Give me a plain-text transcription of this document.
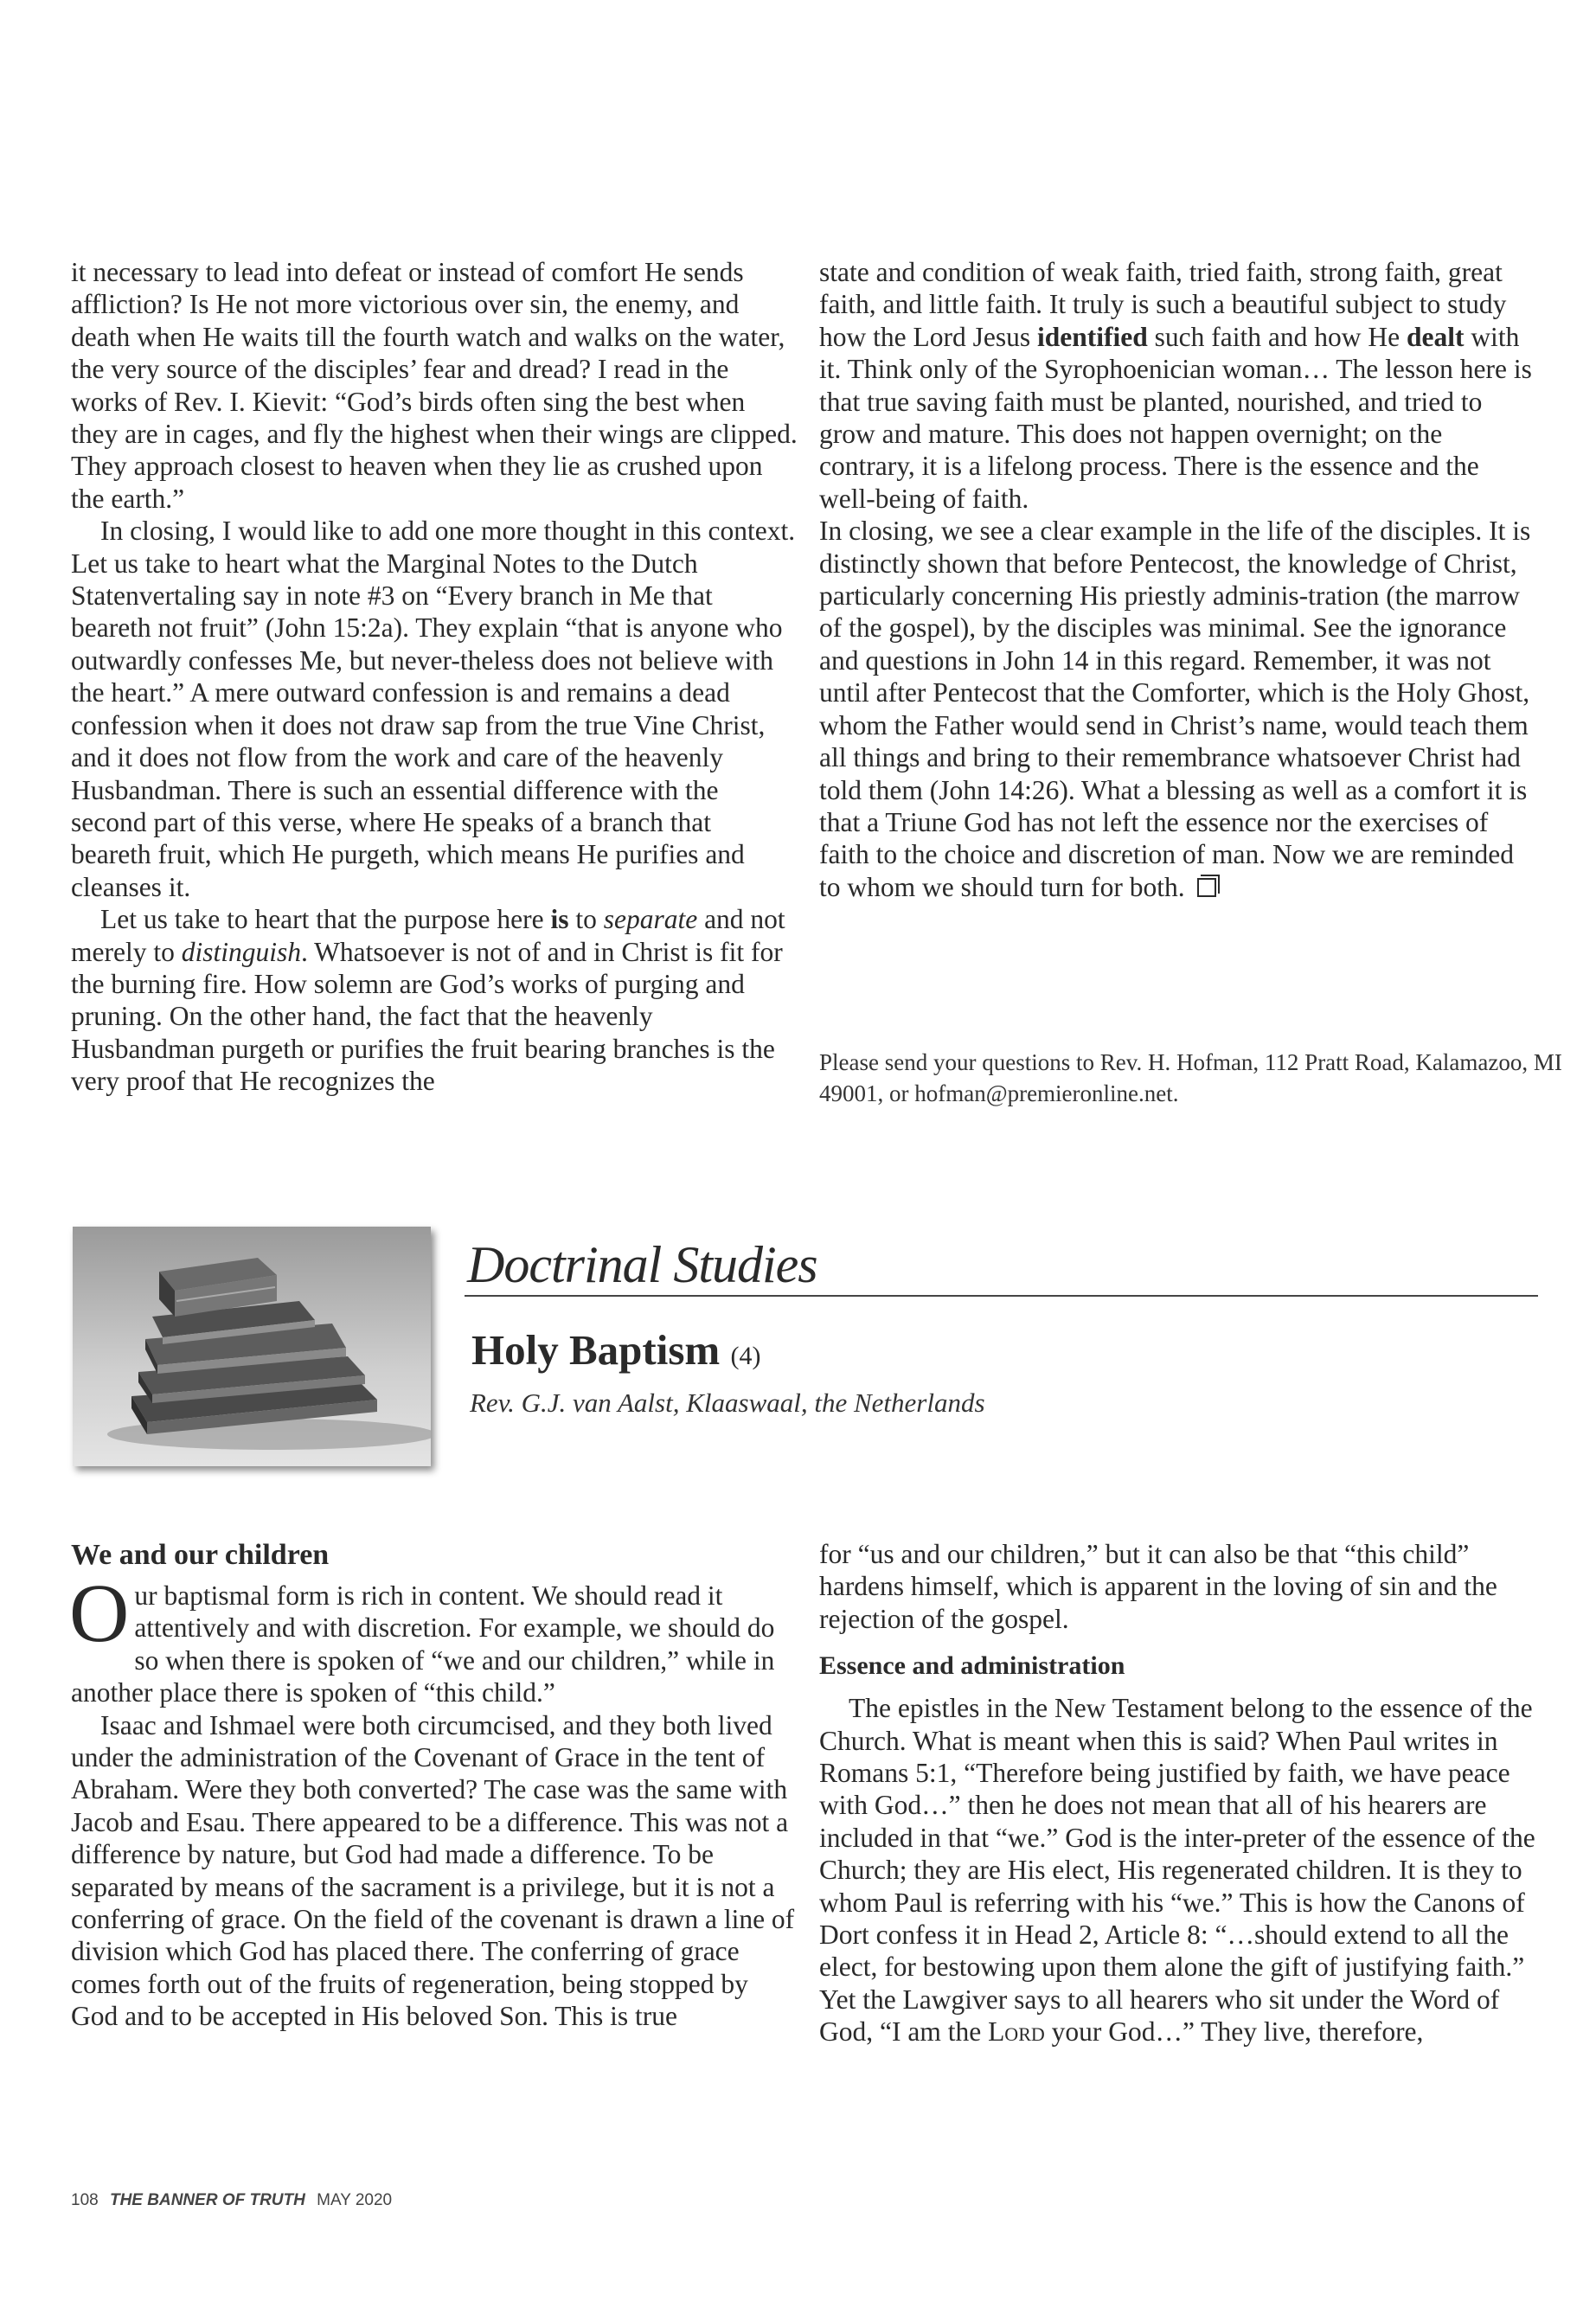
it necessary to lead into defeat or instead of comfort He sends affliction? Is He not more victorious over sin, the enemy, and death when He waits till the fourth watch and walks on the water, the very source of the disciples’ fear and dread? I read in the works of Rev. I. Kievit: “God’s birds often sing the best when they are in cages, and fly the highest when their wings are clipped. They approach closest to heaven when they lie as crushed upon the earth.”

In closing, I would like to add one more thought in this context. Let us take to heart what the Marginal Notes to the Dutch Statenvertaling say in note #3 on “Every branch in Me that beareth not fruit” (John 15:2a). They explain “that is anyone who outwardly confesses Me, but never-theless does not believe with the heart.” A mere outward confession is and remains a dead confession when it does not draw sap from the true Vine Christ, and it does not flow from the work and care of the heavenly Husbandman. There is such an essential difference with the second part of this verse, where He speaks of a branch that beareth fruit, which He purgeth, which means He purifies and cleanses it.

Let us take to heart that the purpose here is to separate and not merely to distinguish. Whatsoever is not of and in Christ is fit for the burning fire. How solemn are God’s works of purging and pruning. On the other hand, the fact that the heavenly Husbandman purgeth or purifies the fruit bearing branches is the very proof that He recognizes the

state and condition of weak faith, tried faith, strong faith, great faith, and little faith. It truly is such a beautiful subject to study how the Lord Jesus identified such faith and how He dealt with it. Think only of the Syrophoenician woman… The lesson here is that true saving faith must be planted, nourished, and tried to grow and mature. This does not happen overnight; on the contrary, it is a lifelong process. There is the essence and the well-being of faith.

In closing, we see a clear example in the life of the disciples. It is distinctly shown that before Pentecost, the knowledge of Christ, particularly concerning His priestly adminis-tration (the marrow of the gospel), by the disciples was minimal. See the ignorance and questions in John 14 in this regard. Remember, it was not until after Pentecost that the Comforter, which is the Holy Ghost, whom the Father would send in Christ’s name, would teach them all things and bring to their remembrance whatsoever Christ had told them (John 14:26). What a blessing as well as a comfort it is that a Triune God has not left the essence nor the exercises of faith to the choice and discretion of man. Now we are reminded to whom we should turn for both.

Please send your questions to Rev. H. Hofman, 112 Pratt Road, Kalamazoo, MI 49001, or hofman@premieronline.net.
Doctrinal Studies
Holy Baptism (4)
Rev. G.J. van Aalst, Klaaswaal, the Netherlands

We and our children

Our baptismal form is rich in content. We should read it attentively and with discretion. For example, we should do so when there is spoken of “we and our children,” while in another place there is spoken of “this child.”

Isaac and Ishmael were both circumcised, and they both lived under the administration of the Covenant of Grace in the tent of Abraham. Were they both converted? The case was the same with Jacob and Esau. There appeared to be a difference. This was not a difference by nature, but God had made a difference. To be separated by means of the sacrament is a privilege, but it is not a conferring of grace. On the field of the covenant is drawn a line of division which God has placed there. The conferring of grace comes forth out of the fruits of regeneration, being stopped by God and to be accepted in His beloved Son. This is true

for “us and our children,” but it can also be that “this child” hardens himself, which is apparent in the loving of sin and the rejection of the gospel.

Essence and administration

The epistles in the New Testament belong to the essence of the Church. What is meant when this is said? When Paul writes in Romans 5:1, “Therefore being justified by faith, we have peace with God…” then he does not mean that all of his hearers are included in that “we.” God is the inter-preter of the essence of the Church; they are His elect, His regenerated children. It is they to whom Paul is referring with his “we.” This is how the Canons of Dort confess it in Head 2, Article 8: “…should extend to all the elect, for bestowing upon them alone the gift of justifying faith.”

Yet the Lawgiver says to all hearers who sit under the Word of God, “I am the Lord your God…” They live, therefore,

108 THE BANNER OF TRUTH MAY 2020
